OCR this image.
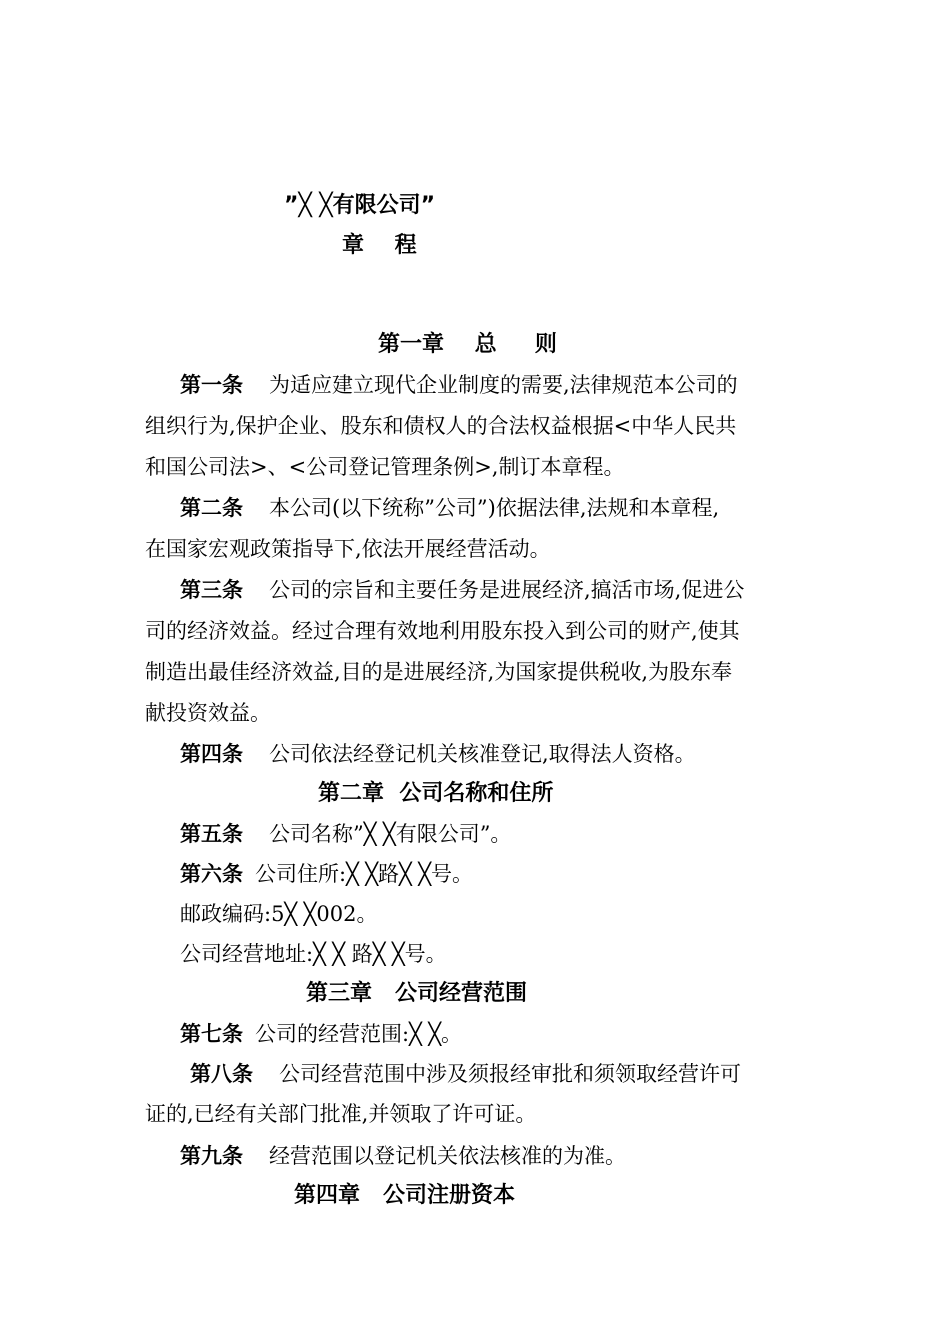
”╳ ╳有限公司”
章    程
第一章    总     则
第一条 为适应建立现代企业制度的需要,法律规范本公司的
组织行为,保护企业、股东和债权人的合法权益根据<中华人民共
和国公司法>、<公司登记管理条例>,制订本章程。
第二条 本公司(以下统称”公司”)依据法律,法规和本章程,
在国家宏观政策指导下,依法开展经营活动。
第三条 公司的宗旨和主要任务是进展经济,搞活市场,促进公
司的经济效益。经过合理有效地利用股东投入到公司的财产,使其
制造出最佳经济效益,目的是进展经济,为国家提供税收,为股东奉
献投资效益。
第四条 公司依法经登记机关核准登记,取得法人资格。
第二章  公司名称和住所
第五条 公司名称”╳ ╳有限公司”。
第六条 公司住所:╳ ╳路╳ ╳号。
邮政编码:5╳ ╳002。
公司经营地址:╳ ╳ 路╳ ╳号。
第三章   公司经营范围
第七条 公司的经营范围:╳ ╳。
第八条 公司经营范围中涉及须报经审批和须领取经营许可
证的,已经有关部门批准,并领取了许可证。
第九条 经营范围以登记机关依法核准的为准。
第四章   公司注册资本
